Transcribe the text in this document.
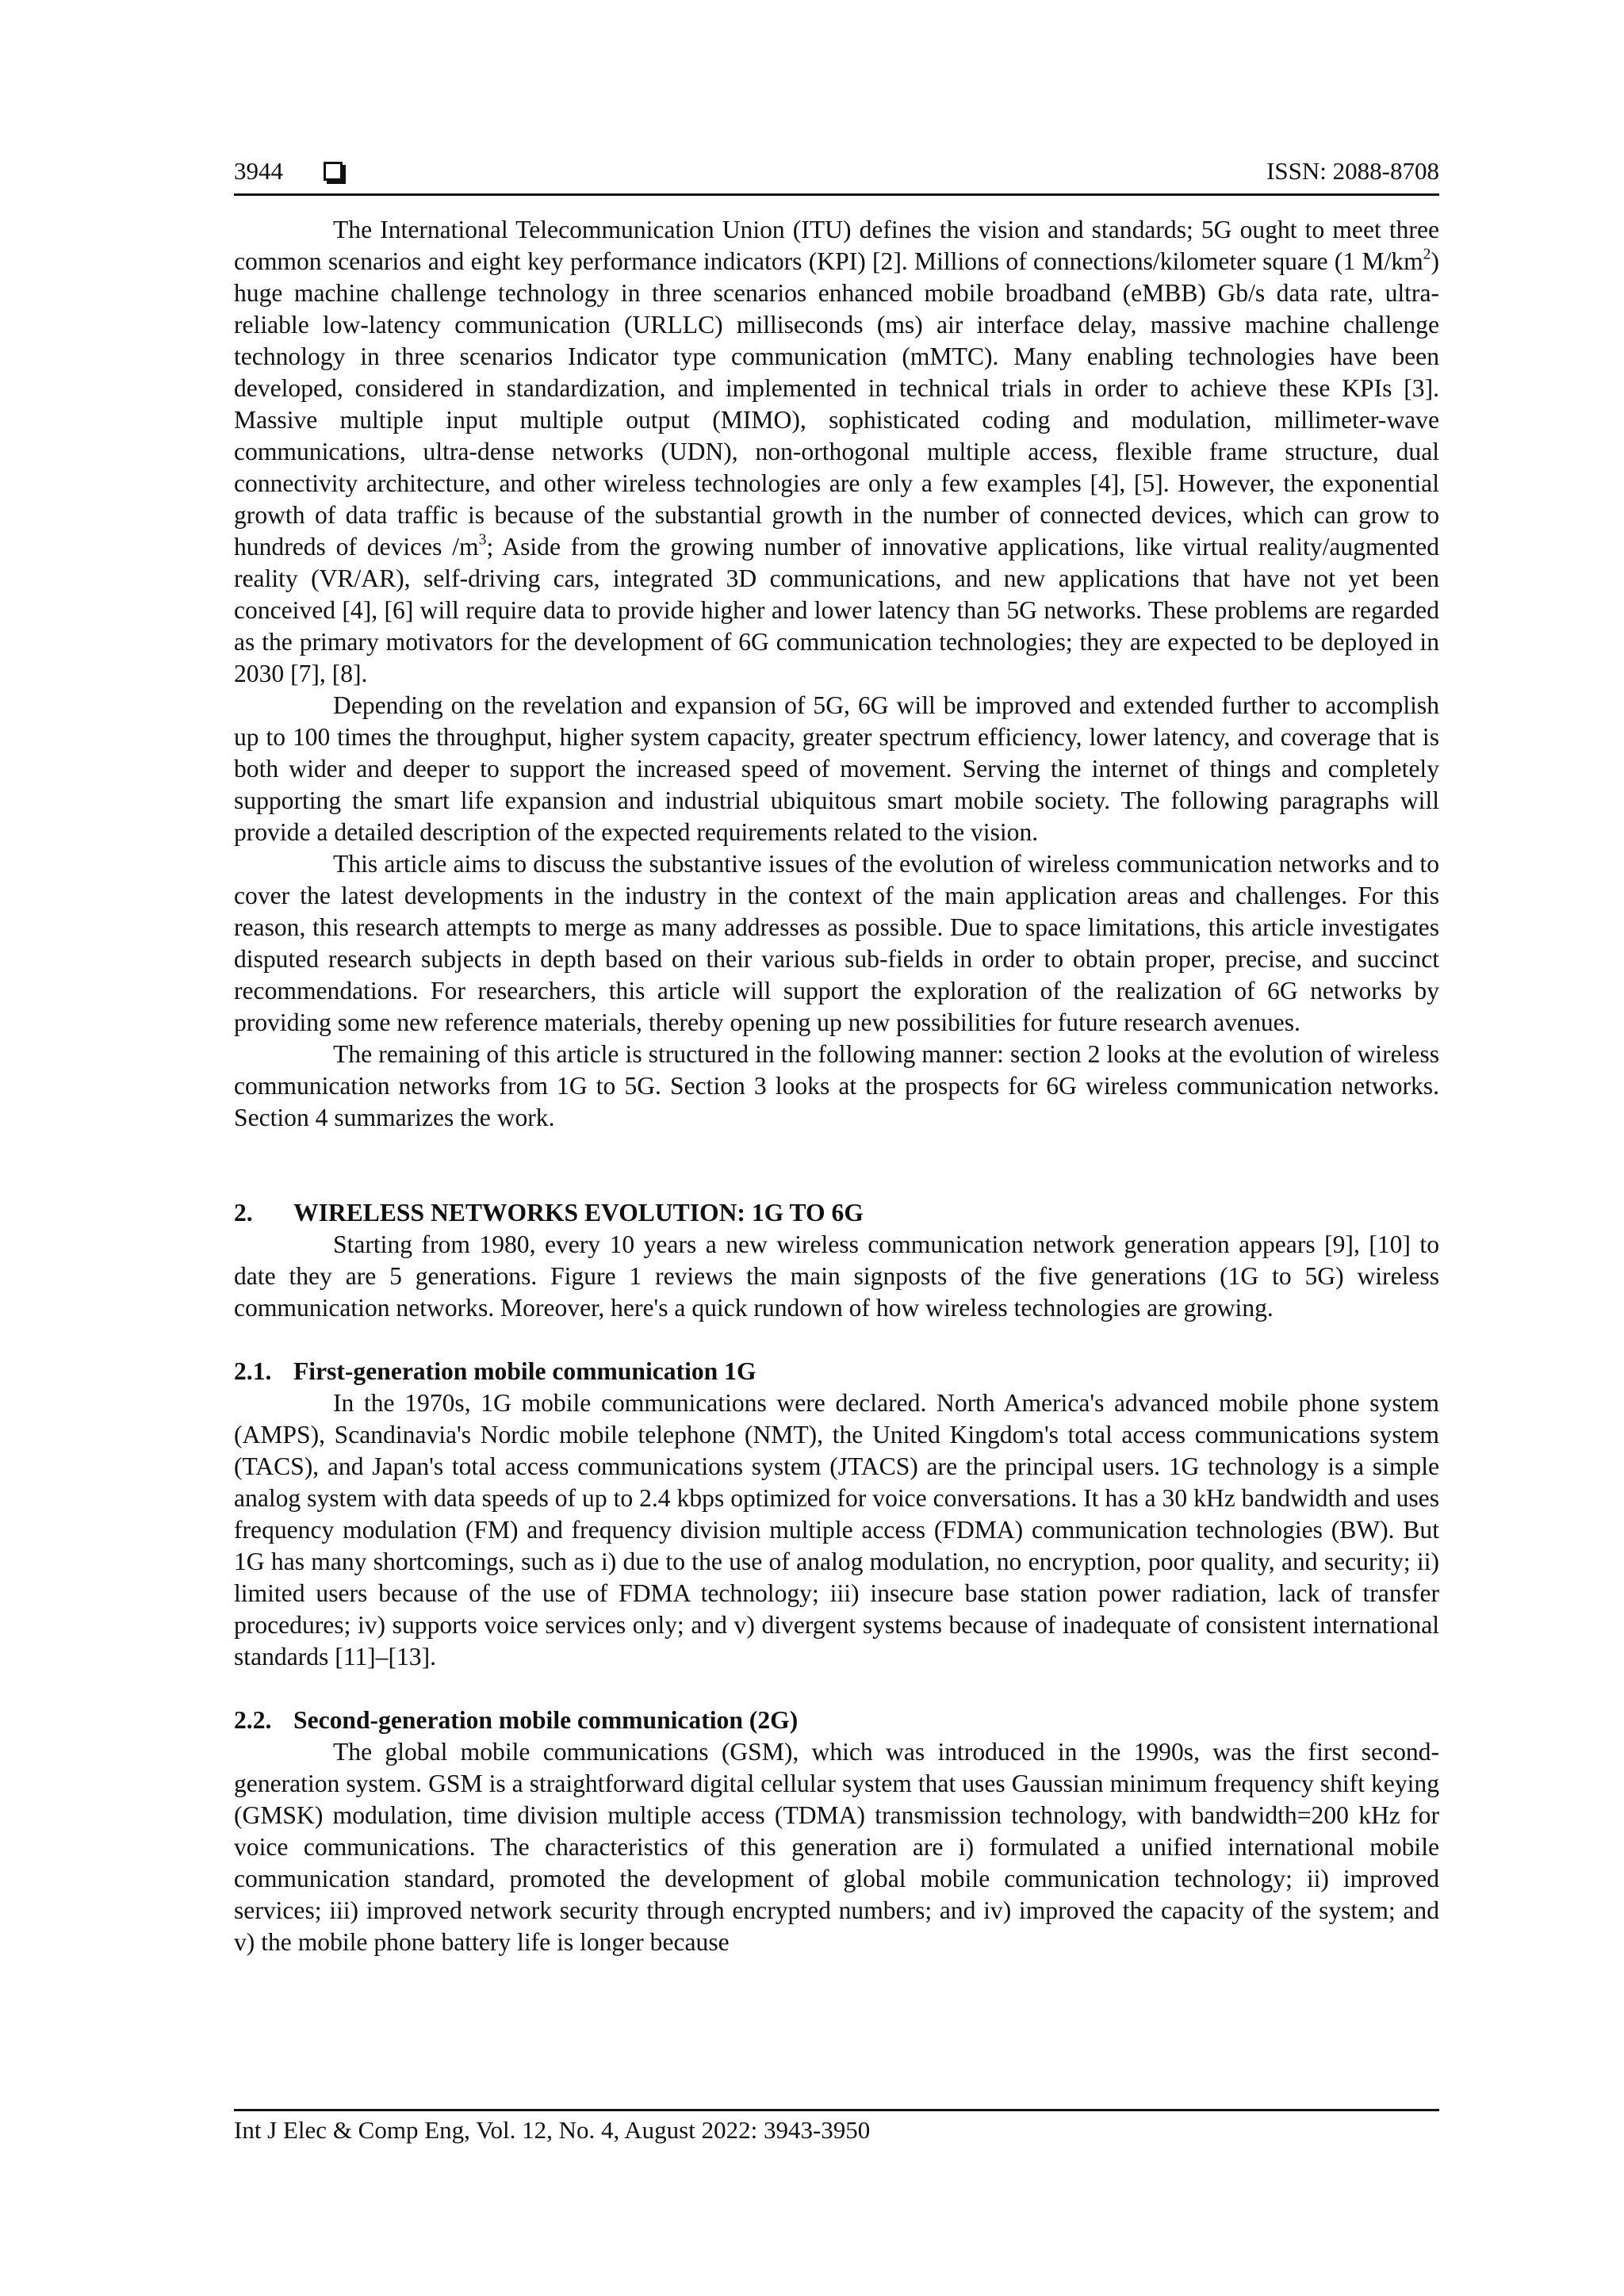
3944	ISSN: 2088-8708

The International Telecommunication Union (ITU) defines the vision and standards; 5G ought to meet three common scenarios and eight key performance indicators (KPI) [2]. Millions of connections/kilometer square (1 $M/km^2$) huge machine challenge technology in three scenarios enhanced mobile broadband (eMBB) Gb/s data rate, ultra-reliable low-latency communication (URLLC) milliseconds (ms) air interface delay, massive machine challenge technology in three scenarios Indicator type communication (mMTC). Many enabling technologies have been developed, considered in standardization, and implemented in technical trials in order to achieve these KPIs [3]. Massive multiple input multiple output (MIMO), sophisticated coding and modulation, millimeter-wave communications, ultra-dense networks (UDN), non-orthogonal multiple access, flexible frame structure, dual connectivity architecture, and other wireless technologies are only a few examples [4], [5]. However, the exponential growth of data traffic is because of the substantial growth in the number of connected devices, which can grow to hundreds of devices $/m^3$; Aside from the growing number of innovative applications, like virtual reality/augmented reality (VR/AR), self-driving cars, integrated 3D communications, and new applications that have not yet been conceived [4], [6] will require data to provide higher and lower latency than 5G networks. These problems are regarded as the primary motivators for the development of 6G communication technologies; they are expected to be deployed in 2030 [7], [8].

Depending on the revelation and expansion of 5G, 6G will be improved and extended further to accomplish up to 100 times the throughput, higher system capacity, greater spectrum efficiency, lower latency, and coverage that is both wider and deeper to support the increased speed of movement. Serving the internet of things and completely supporting the smart life expansion and industrial ubiquitous smart mobile society. The following paragraphs will provide a detailed description of the expected requirements related to the vision.

This article aims to discuss the substantive issues of the evolution of wireless communication networks and to cover the latest developments in the industry in the context of the main application areas and challenges. For this reason, this research attempts to merge as many addresses as possible. Due to space limitations, this article investigates disputed research subjects in depth based on their various sub-fields in order to obtain proper, precise, and succinct recommendations. For researchers, this article will support the exploration of the realization of 6G networks by providing some new reference materials, thereby opening up new possibilities for future research avenues.

The remaining of this article is structured in the following manner: section 2 looks at the evolution of wireless communication networks from 1G to 5G. Section 3 looks at the prospects for 6G wireless communication networks. Section 4 summarizes the work.

2. WIRELESS NETWORKS EVOLUTION: 1G TO 6G

Starting from 1980, every 10 years a new wireless communication network generation appears [9], [10] to date they are 5 generations. Figure 1 reviews the main signposts of the five generations (1G to 5G) wireless communication networks. Moreover, here's a quick rundown of how wireless technologies are growing.

2.1. First-generation mobile communication 1G

In the 1970s, 1G mobile communications were declared. North America's advanced mobile phone system (AMPS), Scandinavia's Nordic mobile telephone (NMT), the United Kingdom's total access communications system (TACS), and Japan's total access communications system (JTACS) are the principal users. 1G technology is a simple analog system with data speeds of up to 2.4 kbps optimized for voice conversations. It has a 30 kHz bandwidth and uses frequency modulation (FM) and frequency division multiple access (FDMA) communication technologies (BW). But 1G has many shortcomings, such as i) due to the use of analog modulation, no encryption, poor quality, and security; ii) limited users because of the use of FDMA technology; iii) insecure base station power radiation, lack of transfer procedures; iv) supports voice services only; and v) divergent systems because of inadequate of consistent international standards [11]–[13].

2.2. Second-generation mobile communication (2G)

The global mobile communications (GSM), which was introduced in the 1990s, was the first second-generation system. GSM is a straightforward digital cellular system that uses Gaussian minimum frequency shift keying (GMSK) modulation, time division multiple access (TDMA) transmission technology, with bandwidth=200 kHz for voice communications. The characteristics of this generation are i) formulated a unified international mobile communication standard, promoted the development of global mobile communication technology; ii) improved services; iii) improved network security through encrypted numbers; and iv) improved the capacity of the system; and v) the mobile phone battery life is longer because

Int J Elec & Comp Eng, Vol. 12, No. 4, August 2022: 3943-3950
